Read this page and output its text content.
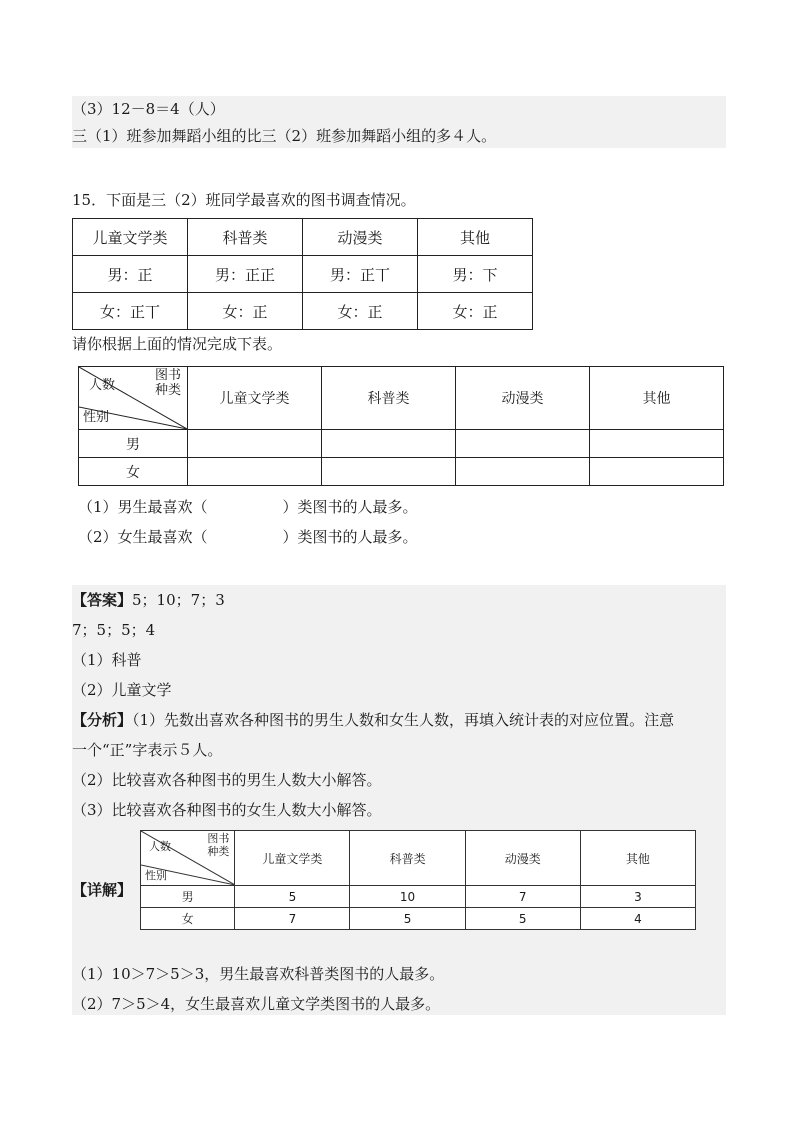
（3）12－8＝4（人）
三（1）班参加舞蹈小组的比三（2）班参加舞蹈小组的多４人。
15．下面是三（2）班同学最喜欢的图书调查情况。
儿童文学类	科普类	动漫类	其他
男：正	男：正正	男：正丅	男：下
女：正丅	女：正	女：正	女：正
请你根据上面的情况完成下表。
图书
种类
人数
性别	儿童文学类	科普类	动漫类	其他
男				
女				
（1）男生最喜欢（　　　　　）类图书的人最多。
（2）女生最喜欢（　　　　　）类图书的人最多。
【答案】5；10；7；3
7；5；5；4
（1）科普
（2）儿童文学
【分析】（1）先数出喜欢各种图书的男生人数和女生人数，再填入统计表的对应位置。注意
一个“正”字表示５人。
（2）比较喜欢各种图书的男生人数大小解答。
（3）比较喜欢各种图书的女生人数大小解答。
【详解】
图书
种类
人数
性别	儿童文学类	科普类	动漫类	其他
男	5	10	7	3
女	7	5	5	4
（1）10＞7＞5＞3，男生最喜欢科普类图书的人最多。
（2）7＞5＞4，女生最喜欢儿童文学类图书的人最多。
